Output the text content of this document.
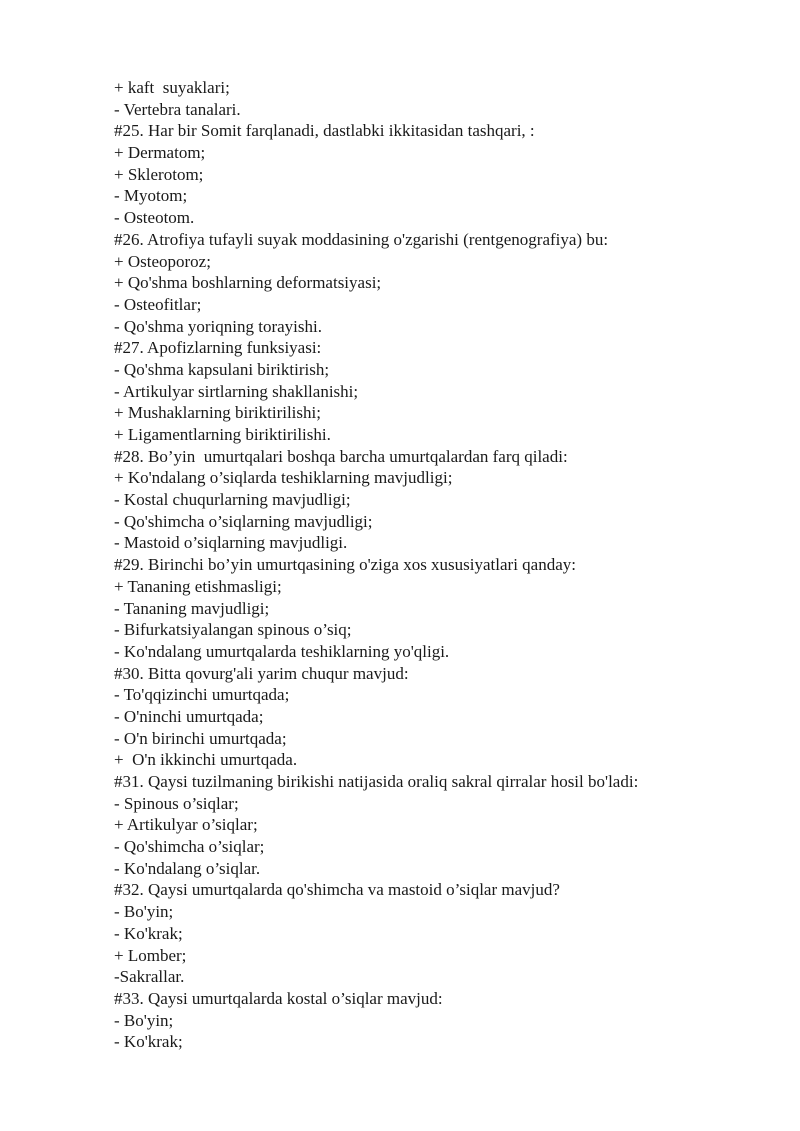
+ kaft  suyaklari;
- Vertebra tanalari.
#25. Har bir Somit farqlanadi, dastlabki ikkitasidan tashqari, :
+ Dermatom;
+ Sklerotom;
- Myotom;
- Osteotom.
#26. Atrofiya tufayli suyak moddasining o'zgarishi (rentgenografiya) bu:
+ Osteoporoz;
+ Qo'shma boshlarning deformatsiyasi;
- Osteofitlar;
- Qo'shma yoriqning torayishi.
#27. Apofizlarning funksiyasi:
- Qo'shma kapsulani biriktirish;
- Artikulyar sirtlarning shakllanishi;
+ Mushaklarning biriktirilishi;
+ Ligamentlarning biriktirilishi.
#28. Bo’yin  umurtqalari boshqa barcha umurtqalardan farq qiladi:
+ Ko'ndalang o’siqlarda teshiklarning mavjudligi;
- Kostal chuqurlarning mavjudligi;
- Qo'shimcha o’siqlarning mavjudligi;
- Mastoid o’siqlarning mavjudligi.
#29. Birinchi bo’yin umurtqasining o'ziga xos xususiyatlari qanday:
+ Tananing etishmasligi;
- Tananing mavjudligi;
- Bifurkatsiyalangan spinous o’siq;
- Ko'ndalang umurtqalarda teshiklarning yo'qligi.
#30. Bitta qovurg'ali yarim chuqur mavjud:
- To'qqizinchi umurtqada;
- O'ninchi umurtqada;
- O'n birinchi umurtqada;
+  O'n ikkinchi umurtqada.
#31. Qaysi tuzilmaning birikishi natijasida oraliq sakral qirralar hosil bo'ladi:
- Spinous o’siqlar;
+ Artikulyar o’siqlar;
- Qo'shimcha o’siqlar;
- Ko'ndalang o’siqlar.
#32. Qaysi umurtqalarda qo'shimcha va mastoid o’siqlar mavjud?
- Bo'yin;
- Ko'krak;
+ Lomber;
-Sakrallar.
#33. Qaysi umurtqalarda kostal o’siqlar mavjud:
- Bo'yin;
- Ko'krak;
